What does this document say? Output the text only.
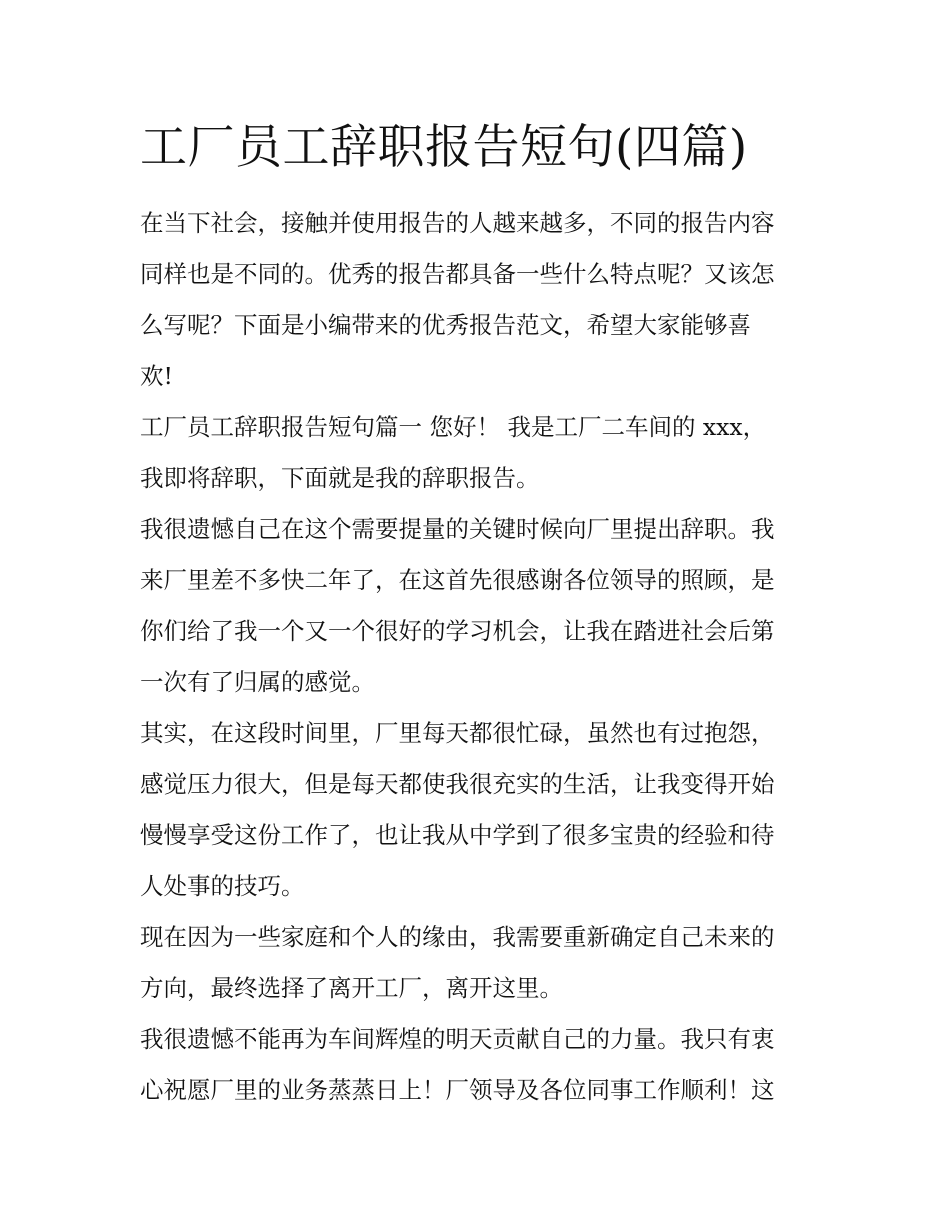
工厂员工辞职报告短句(四篇)
在当下社会，接触并使用报告的人越来越多，不同的报告内容
同样也是不同的。优秀的报告都具备一些什么特点呢？又该怎
么写呢？下面是小编带来的优秀报告范文，希望大家能够喜
欢!
工厂员工辞职报告短句篇一 您好！ 我是工厂二车间的 xxx，
我即将辞职，下面就是我的辞职报告。
我很遗憾自己在这个需要提量的关键时候向厂里提出辞职。我
来厂里差不多快二年了，在这首先很感谢各位领导的照顾，是
你们给了我一个又一个很好的学习机会，让我在踏进社会后第
一次有了归属的感觉。
其实，在这段时间里，厂里每天都很忙碌，虽然也有过抱怨，
感觉压力很大，但是每天都使我很充实的生活，让我变得开始
慢慢享受这份工作了，也让我从中学到了很多宝贵的经验和待
人处事的技巧。
现在因为一些家庭和个人的缘由，我需要重新确定自己未来的
方向，最终选择了离开工厂，离开这里。
我很遗憾不能再为车间辉煌的明天贡献自己的力量。我只有衷
心祝愿厂里的业务蒸蒸日上！厂领导及各位同事工作顺利！这
